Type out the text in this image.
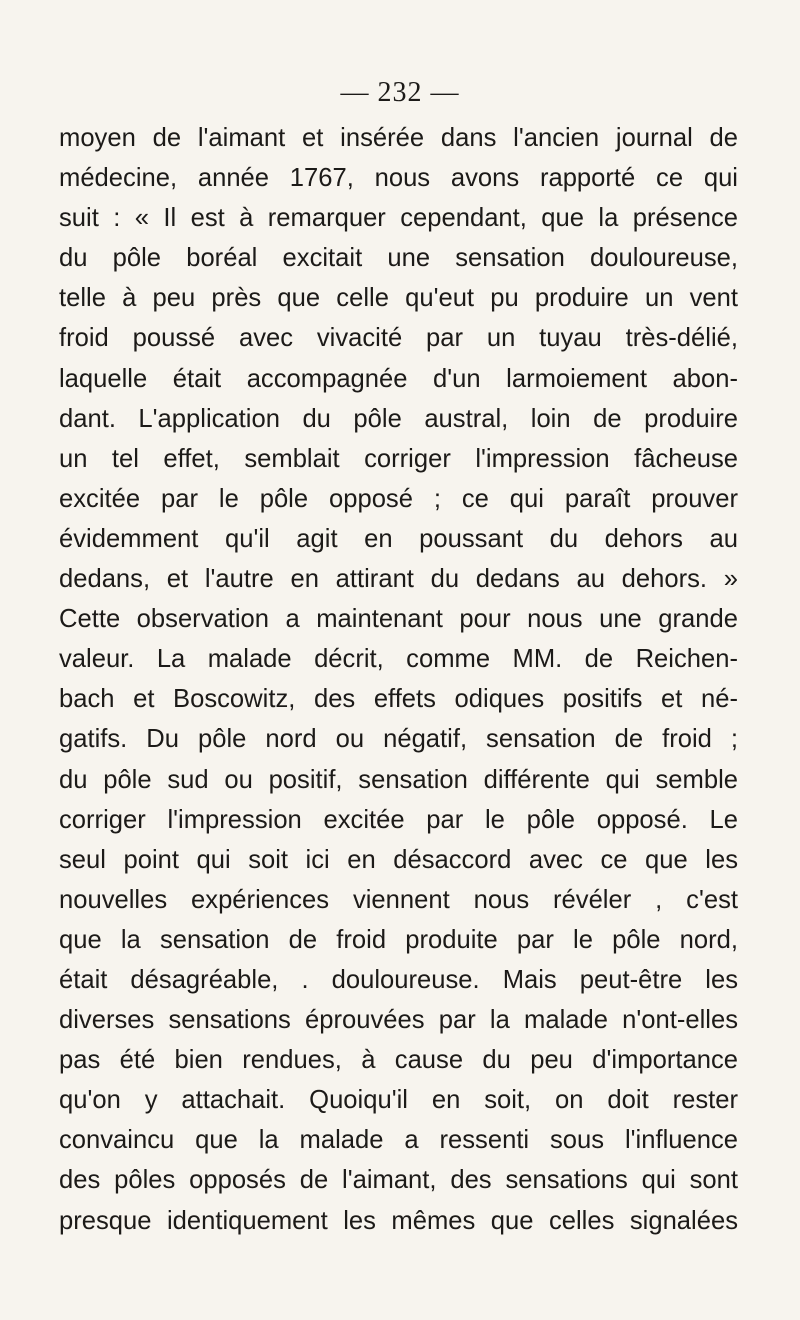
— 232 —
moyen de l'aimant et insérée dans l'ancien journal de
médecine, année 1767, nous avons rapporté ce qui
suit : « Il est à remarquer cependant, que la présence
du pôle boréal excitait une sensation douloureuse,
telle à peu près que celle qu'eut pu produire un vent
froid poussé avec vivacité par un tuyau très-délié,
laquelle était accompagnée d'un larmoiement abon-
dant. L'application du pôle austral, loin de produire
un tel effet, semblait corriger l'impression fâcheuse
excitée par le pôle opposé ; ce qui paraît prouver
évidemment qu'il agit en poussant du dehors au
dedans, et l'autre en attirant du dedans au dehors. »
Cette observation a maintenant pour nous une grande
valeur. La malade décrit, comme MM. de Reichen-
bach et Boscowitz, des effets odiques positifs et né-
gatifs. Du pôle nord ou négatif, sensation de froid ;
du pôle sud ou positif, sensation différente qui semble
corriger l'impression excitée par le pôle opposé. Le
seul point qui soit ici en désaccord avec ce que les
nouvelles expériences viennent nous révéler , c'est
que la sensation de froid produite par le pôle nord,
était désagréable, . douloureuse. Mais peut-être les
diverses sensations éprouvées par la malade n'ont-elles
pas été bien rendues, à cause du peu d'importance
qu'on y attachait. Quoiqu'il en soit, on doit rester
convaincu que la malade a ressenti sous l'influence
des pôles opposés de l'aimant, des sensations qui sont
presque identiquement les mêmes que celles signalées
